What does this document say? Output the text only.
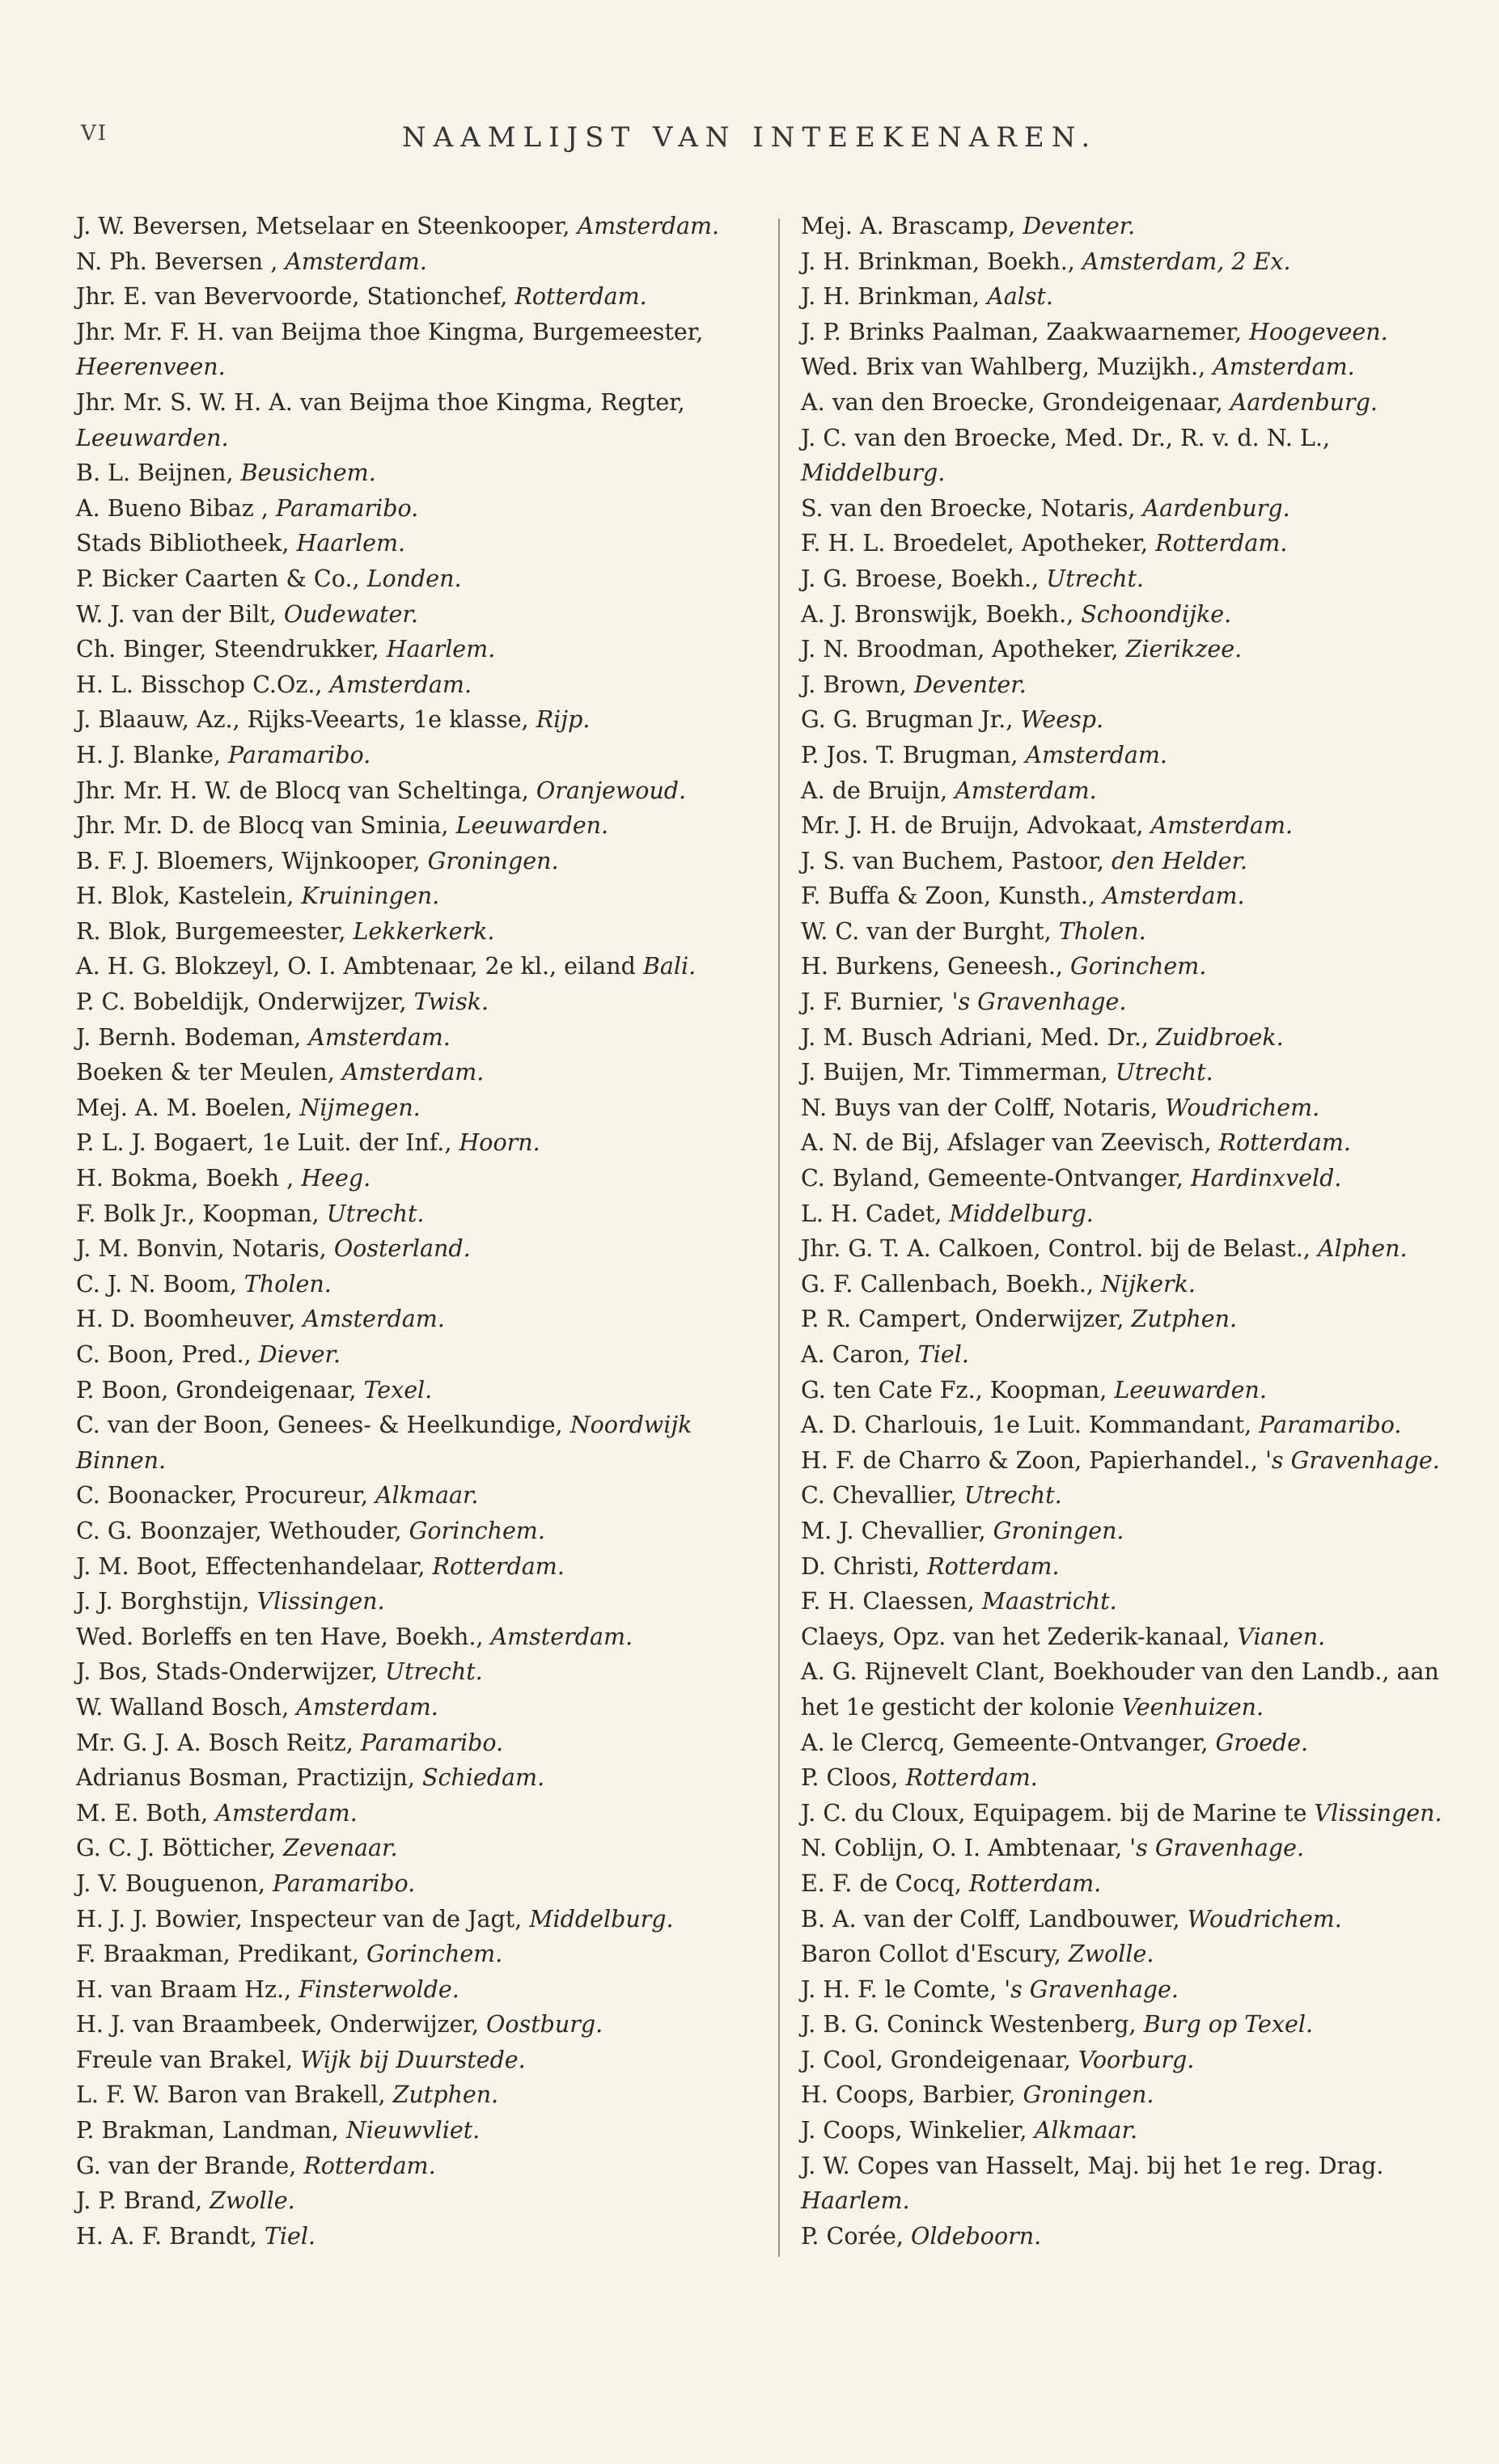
VI	NAAMLIJST VAN INTEEKENAREN.
J. W. Beversen, Metselaar en Steenkooper, Amsterdam.
N. Ph. Beversen , Amsterdam.
Jhr. E. van Bevervoorde, Stationchef, Rotterdam.
Jhr. Mr. F. H. van Beijma thoe Kingma, Burgemeester,
Heerenveen.
Jhr. Mr. S. W. H. A. van Beijma thoe Kingma, Regter,
Leeuwarden.
B. L. Beijnen, Beusichem.
A. Bueno Bibaz , Paramaribo.
Stads Bibliotheek, Haarlem.
P. Bicker Caarten & Co., Londen.
W. J. van der Bilt, Oudewater.
Ch. Binger, Steendrukker, Haarlem.
H. L. Bisschop C.Oz., Amsterdam.
J. Blaauw, Az., Rijks-Veearts, 1e klasse, Rijp.
H. J. Blanke, Paramaribo.
Jhr. Mr. H. W. de Blocq van Scheltinga, Oranjewoud.
Jhr. Mr. D. de Blocq van Sminia, Leeuwarden.
B. F. J. Bloemers, Wijnkooper, Groningen.
H. Blok, Kastelein, Kruiningen.
R. Blok, Burgemeester, Lekkerkerk.
A. H. G. Blokzeyl, O. I. Ambtenaar, 2e kl., eiland Bali.
P. C. Bobeldijk, Onderwijzer, Twisk.
J. Bernh. Bodeman, Amsterdam.
Boeken & ter Meulen, Amsterdam.
Mej. A. M. Boelen, Nijmegen.
P. L. J. Bogaert, 1e Luit. der Inf., Hoorn.
H. Bokma, Boekh , Heeg.
F. Bolk Jr., Koopman, Utrecht.
J. M. Bonvin, Notaris, Oosterland.
C. J. N. Boom, Tholen.
H. D. Boomheuver, Amsterdam.
C. Boon, Pred., Diever.
P. Boon, Grondeigenaar, Texel.
C. van der Boon, Genees- & Heelkundige, Noordwijk
Binnen.
C. Boonacker, Procureur, Alkmaar.
C. G. Boonzajer, Wethouder, Gorinchem.
J. M. Boot, Effectenhandelaar, Rotterdam.
J. J. Borghstijn, Vlissingen.
Wed. Borleffs en ten Have, Boekh., Amsterdam.
J. Bos, Stads-Onderwijzer, Utrecht.
W. Walland Bosch, Amsterdam.
Mr. G. J. A. Bosch Reitz, Paramaribo.
Adrianus Bosman, Practizijn, Schiedam.
M. E. Both, Amsterdam.
G. C. J. Bötticher, Zevenaar.
J. V. Bouguenon, Paramaribo.
H. J. J. Bowier, Inspecteur van de Jagt, Middelburg.
F. Braakman, Predikant, Gorinchem.
H. van Braam Hz., Finsterwolde.
H. J. van Braambeek, Onderwijzer, Oostburg.
Freule van Brakel, Wijk bij Duurstede.
L. F. W. Baron van Brakell, Zutphen.
P. Brakman, Landman, Nieuwvliet.
G. van der Brande, Rotterdam.
J. P. Brand, Zwolle.
H. A. F. Brandt, Tiel.
Mej. A. Brascamp, Deventer.
J. H. Brinkman, Boekh., Amsterdam, 2 Ex.
J. H. Brinkman, Aalst.
J. P. Brinks Paalman, Zaakwaarnemer, Hoogeveen.
Wed. Brix van Wahlberg, Muzijkh., Amsterdam.
A. van den Broecke, Grondeigenaar, Aardenburg.
J. C. van den Broecke, Med. Dr., R. v. d. N. L.,
Middelburg.
S. van den Broecke, Notaris, Aardenburg.
F. H. L. Broedelet, Apotheker, Rotterdam.
J. G. Broese, Boekh., Utrecht.
A. J. Bronswijk, Boekh., Schoondijke.
J. N. Broodman, Apotheker, Zierikzee.
J. Brown, Deventer.
G. G. Brugman Jr., Weesp.
P. Jos. T. Brugman, Amsterdam.
A. de Bruijn, Amsterdam.
Mr. J. H. de Bruijn, Advokaat, Amsterdam.
J. S. van Buchem, Pastoor, den Helder.
F. Buffa & Zoon, Kunsth., Amsterdam.
W. C. van der Burght, Tholen.
H. Burkens, Geneesh., Gorinchem.
J. F. Burnier, 's Gravenhage.
J. M. Busch Adriani, Med. Dr., Zuidbroek.
J. Buijen, Mr. Timmerman, Utrecht.
N. Buys van der Colff, Notaris, Woudrichem.
A. N. de Bij, Afslager van Zeevisch, Rotterdam.
C. Byland, Gemeente-Ontvanger, Hardinxveld.
L. H. Cadet, Middelburg.
Jhr. G. T. A. Calkoen, Control. bij de Belast., Alphen.
G. F. Callenbach, Boekh., Nijkerk.
P. R. Campert, Onderwijzer, Zutphen.
A. Caron, Tiel.
G. ten Cate Fz., Koopman, Leeuwarden.
A. D. Charlouis, 1e Luit. Kommandant, Paramaribo.
H. F. de Charro & Zoon, Papierhandel., 's Gravenhage.
C. Chevallier, Utrecht.
M. J. Chevallier, Groningen.
D. Christi, Rotterdam.
F. H. Claessen, Maastricht.
Claeys, Opz. van het Zederik-kanaal, Vianen.
A. G. Rijnevelt Clant, Boekhouder van den Landb., aan
het 1e gesticht der kolonie Veenhuizen.
A. le Clercq, Gemeente-Ontvanger, Groede.
P. Cloos, Rotterdam.
J. C. du Cloux, Equipagem. bij de Marine te Vlissingen.
N. Coblijn, O. I. Ambtenaar, 's Gravenhage.
E. F. de Cocq, Rotterdam.
B. A. van der Colff, Landbouwer, Woudrichem.
Baron Collot d'Escury, Zwolle.
J. H. F. le Comte, 's Gravenhage.
J. B. G. Coninck Westenberg, Burg op Texel.
J. Cool, Grondeigenaar, Voorburg.
H. Coops, Barbier, Groningen.
J. Coops, Winkelier, Alkmaar.
J. W. Copes van Hasselt, Maj. bij het 1e reg. Drag.
Haarlem.
P. Corée, Oldeboorn.
